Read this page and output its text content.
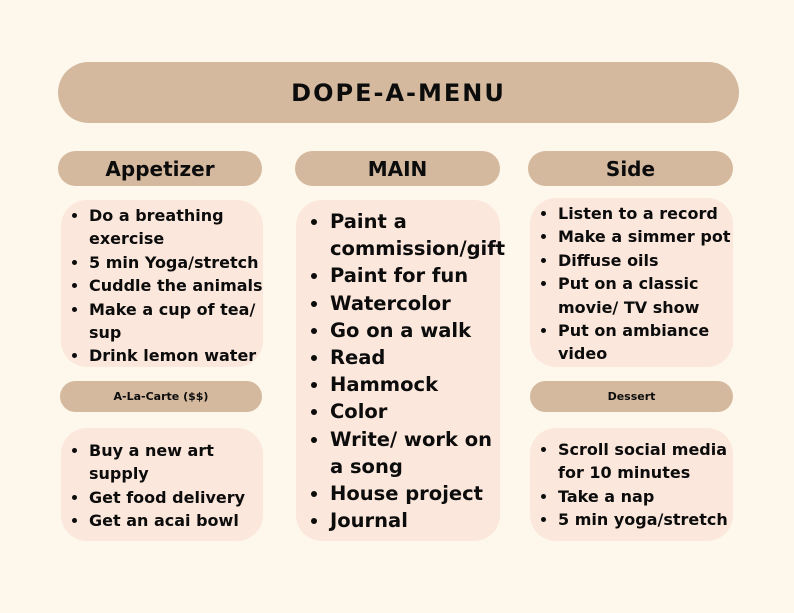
DOPE-A-MENU
Appetizer
• Do a breathing exercise
• 5 min Yoga/stretch
• Cuddle the animals
• Make a cup of tea/ sup
• Drink lemon water
A-La-Carte ($$)
• Buy a new art supply
• Get food delivery
• Get an acai bowl
MAIN
• Paint a commission/gift
• Paint for fun
• Watercolor
• Go on a walk
• Read
• Hammock
• Color
• Write/ work on a song
• House project
• Journal
Side
• Listen to a record
• Make a simmer pot
• Diffuse oils
• Put on a classic movie/ TV show
• Put on ambiance video
Dessert
• Scroll social media for 10 minutes
• Take a nap
• 5 min yoga/stretch
